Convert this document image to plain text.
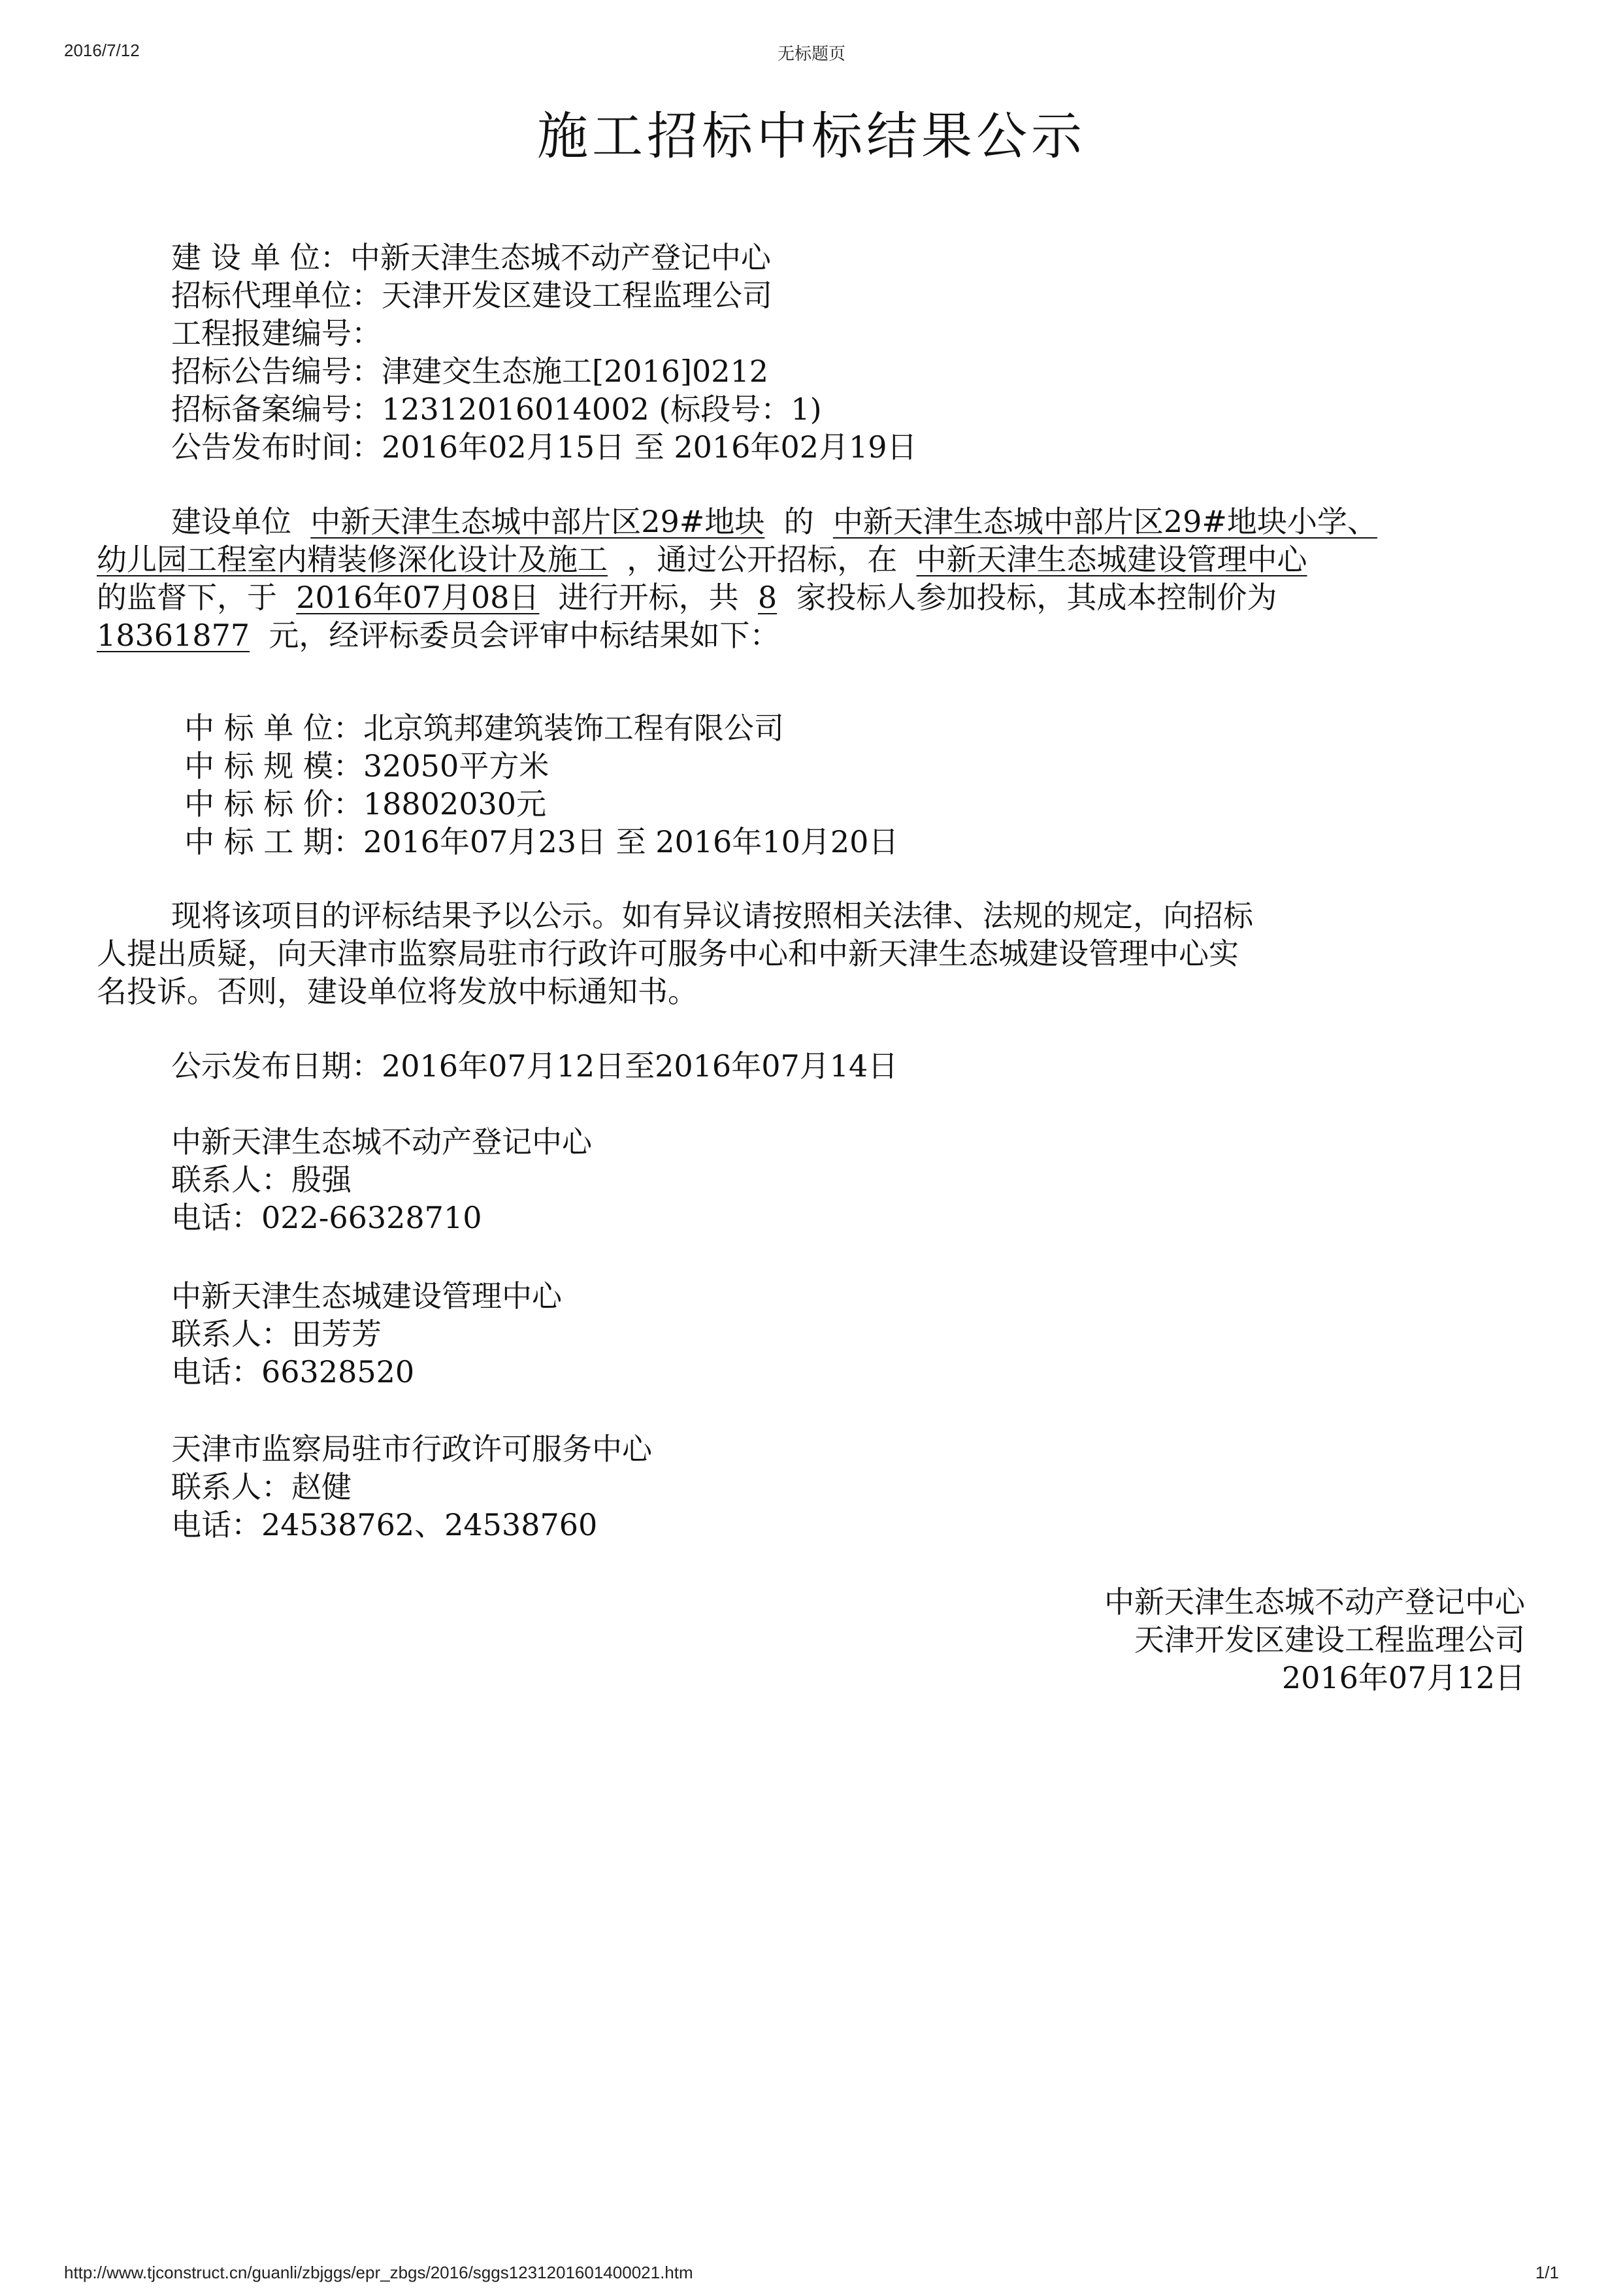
2016/7/12	无标题页
施工招标中标结果公示
建 设 单 位：中新天津生态城不动产登记中心
招标代理单位：天津开发区建设工程监理公司
工程报建编号：
招标公告编号：津建交生态施工[2016]0212
招标备案编号：12312016014002 (标段号：1)
公告发布时间：2016年02月15日 至 2016年02月19日

建设单位 中新天津生态城中部片区29#地块 的 中新天津生态城中部片区29#地块小学、

幼儿园工程室内精装修深化设计及施工 ，通过公开招标，在 中新天津生态城建设管理中心

的监督下，于 2016年07月08日 进行开标，共 8 家投标人参加投标，其成本控制价为

18361877 元，经评标委员会评审中标结果如下：

中 标 单 位：北京筑邦建筑装饰工程有限公司
中 标 规 模：32050平方米
中 标 标 价：18802030元
中 标 工 期：2016年07月23日 至 2016年10月20日

现将该项目的评标结果予以公示。如有异议请按照相关法律、法规的规定，向招标

人提出质疑，向天津市监察局驻市行政许可服务中心和中新天津生态城建设管理中心实

名投诉。否则，建设单位将发放中标通知书。

公示发布日期：2016年07月12日至2016年07月14日
中新天津生态城不动产登记中心
联系人：殷强
电话：022-66328710
中新天津生态城建设管理中心
联系人：田芳芳
电话：66328520
天津市监察局驻市行政许可服务中心
联系人：赵健
电话：24538762、24538760
中新天津生态城不动产登记中心
天津开发区建设工程监理公司
2016年07月12日
http://www.tjconstruct.cn/guanli/zbjggs/epr_zbgs/2016/sggs1231201601400021.htm	1/1
